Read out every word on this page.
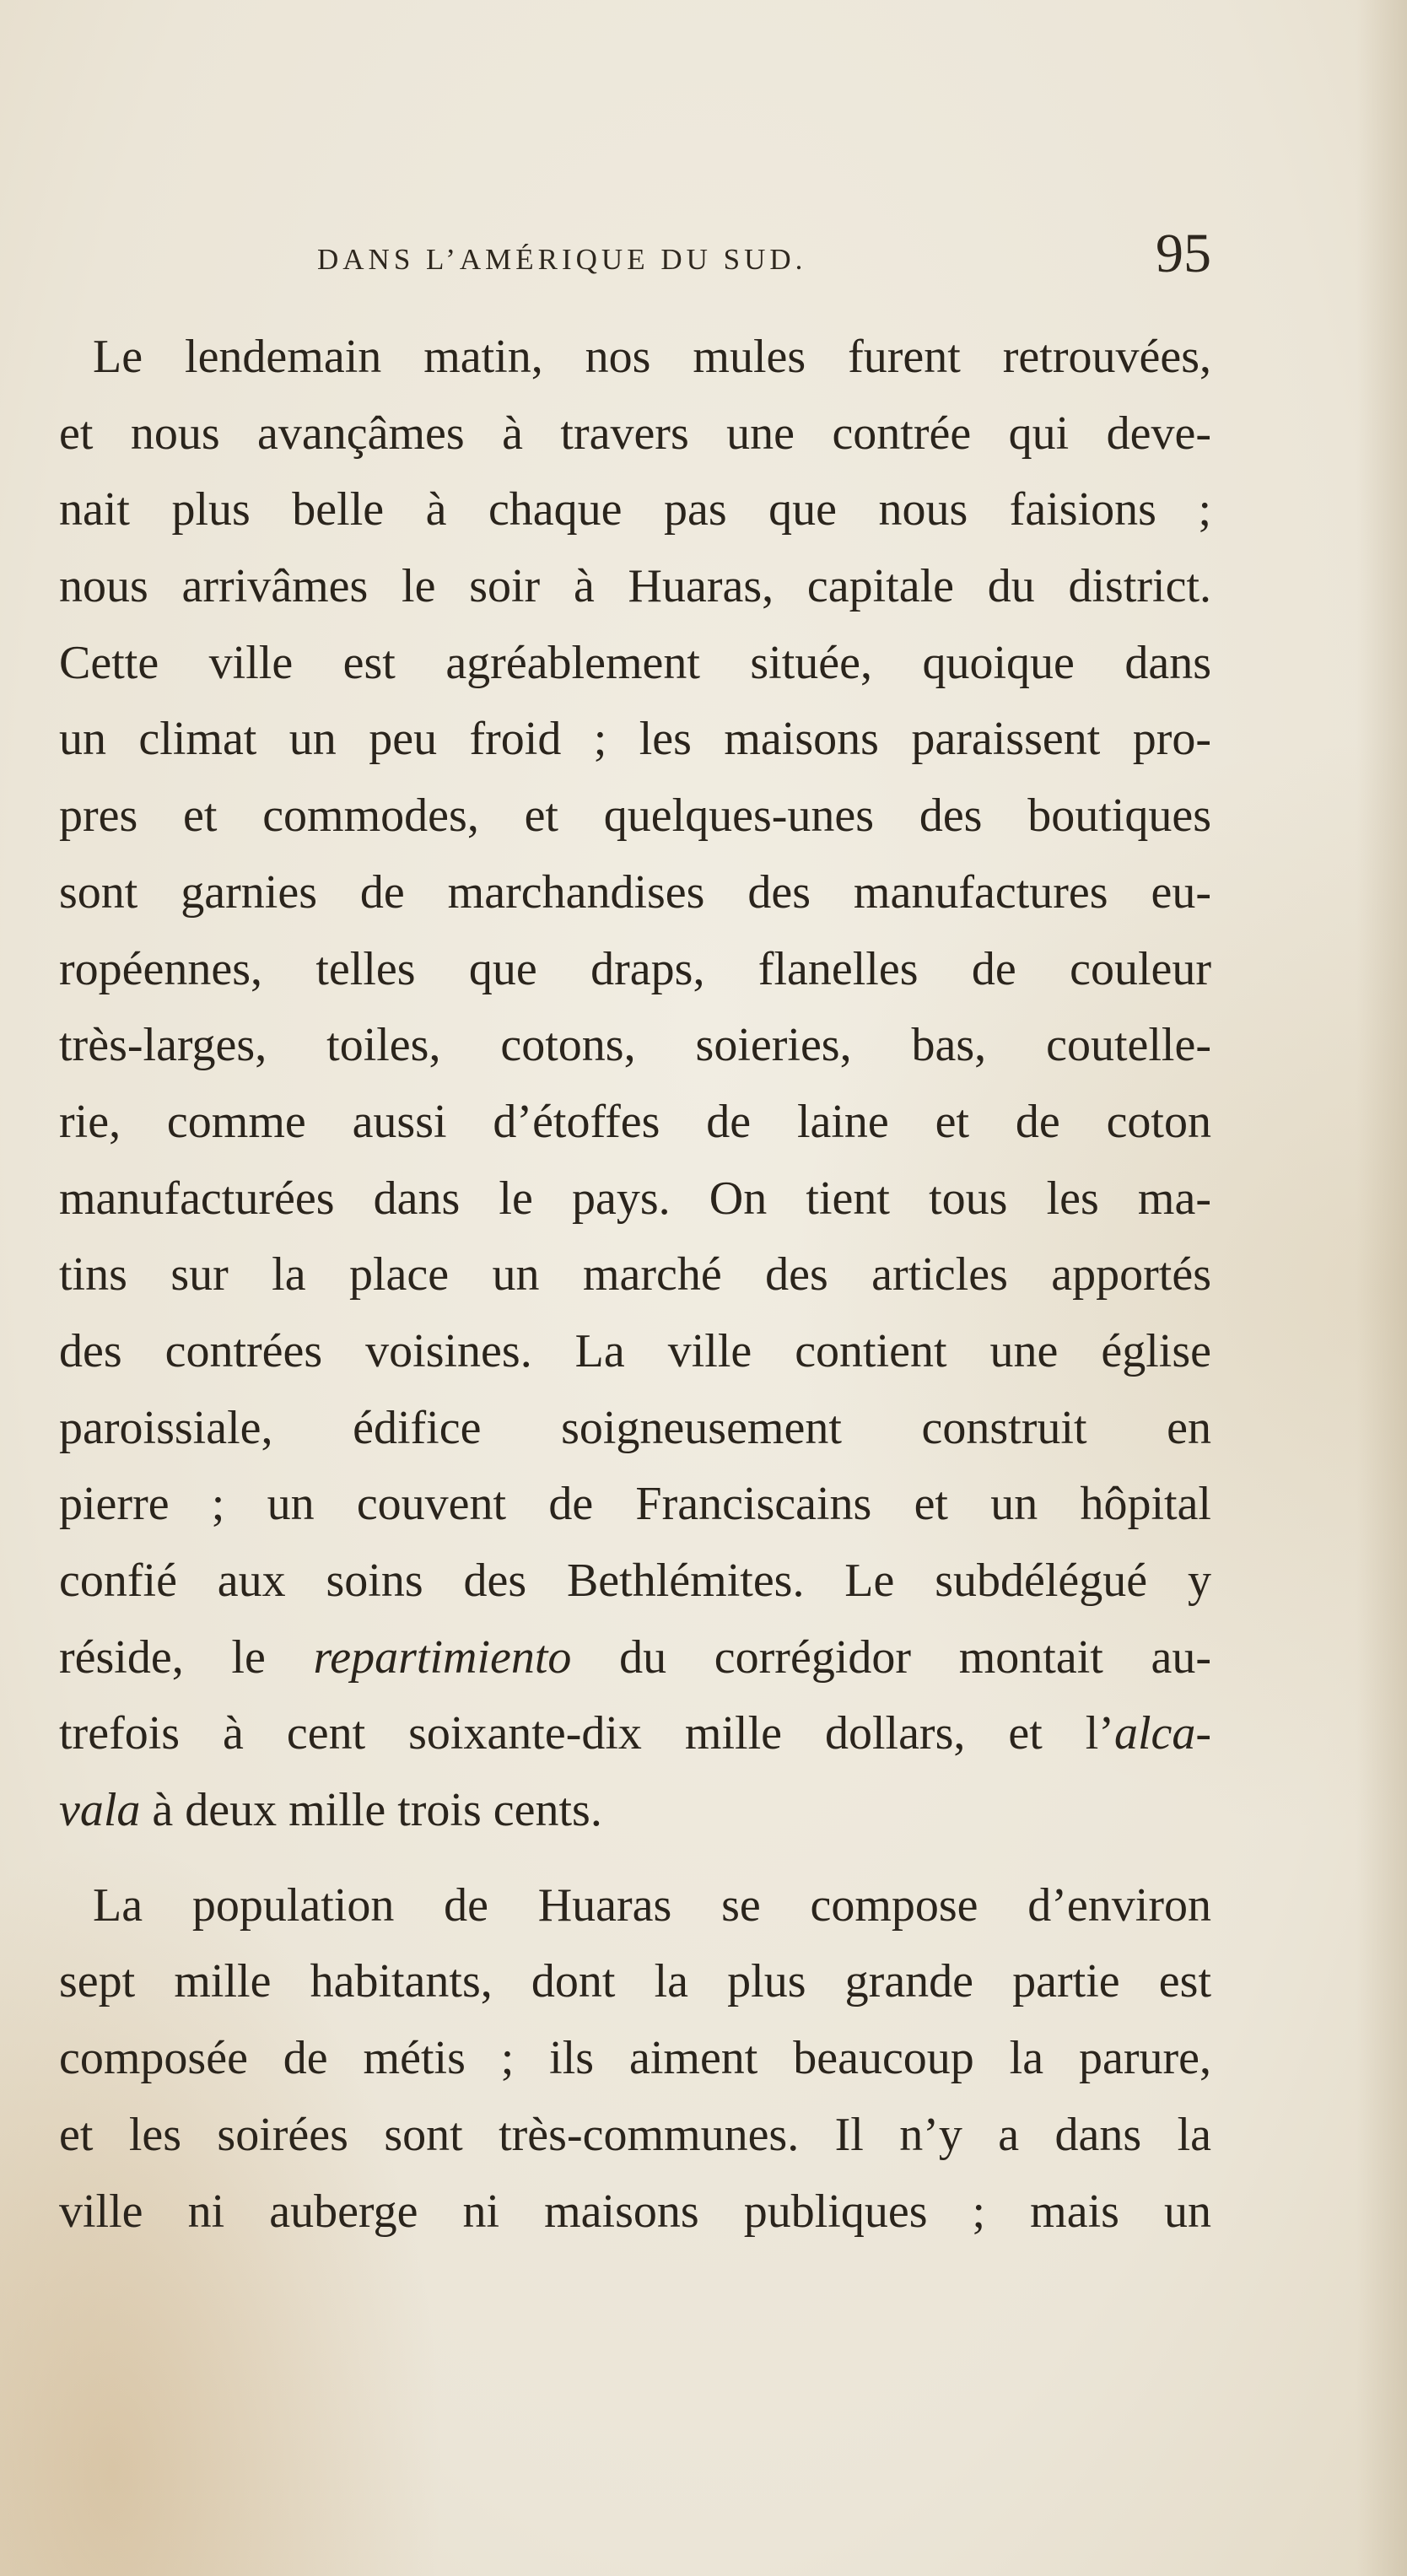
DANS L’AMÉRIQUE DU SUD.	95
Le lendemain matin, nos mules furent retrouvées,
et nous avançâmes à travers une contrée qui deve-
nait plus belle à chaque pas que nous faisions ;
nous arrivâmes le soir à Huaras, capitale du district.
Cette ville est agréablement située, quoique dans
un climat un peu froid ; les maisons paraissent pro-
pres et commodes, et quelques-unes des boutiques
sont garnies de marchandises des manufactures eu-
ropéennes, telles que draps, flanelles de couleur
très-larges, toiles, cotons, soieries, bas, coutelle-
rie, comme aussi d’étoffes de laine et de coton
manufacturées dans le pays. On tient tous les ma-
tins sur la place un marché des articles apportés
des contrées voisines. La ville contient une église
paroissiale, édifice soigneusement construit en
pierre ; un couvent de Franciscains et un hôpital
confié aux soins des Bethlémites. Le subdélégué y
réside, le repartimiento du corrégidor montait au-
trefois à cent soixante-dix mille dollars, et l’alca-
vala à deux mille trois cents.
La population de Huaras se compose d’environ
sept mille habitants, dont la plus grande partie est
composée de métis ; ils aiment beaucoup la parure,
et les soirées sont très-communes. Il n’y a dans la
ville ni auberge ni maisons publiques ; mais un
